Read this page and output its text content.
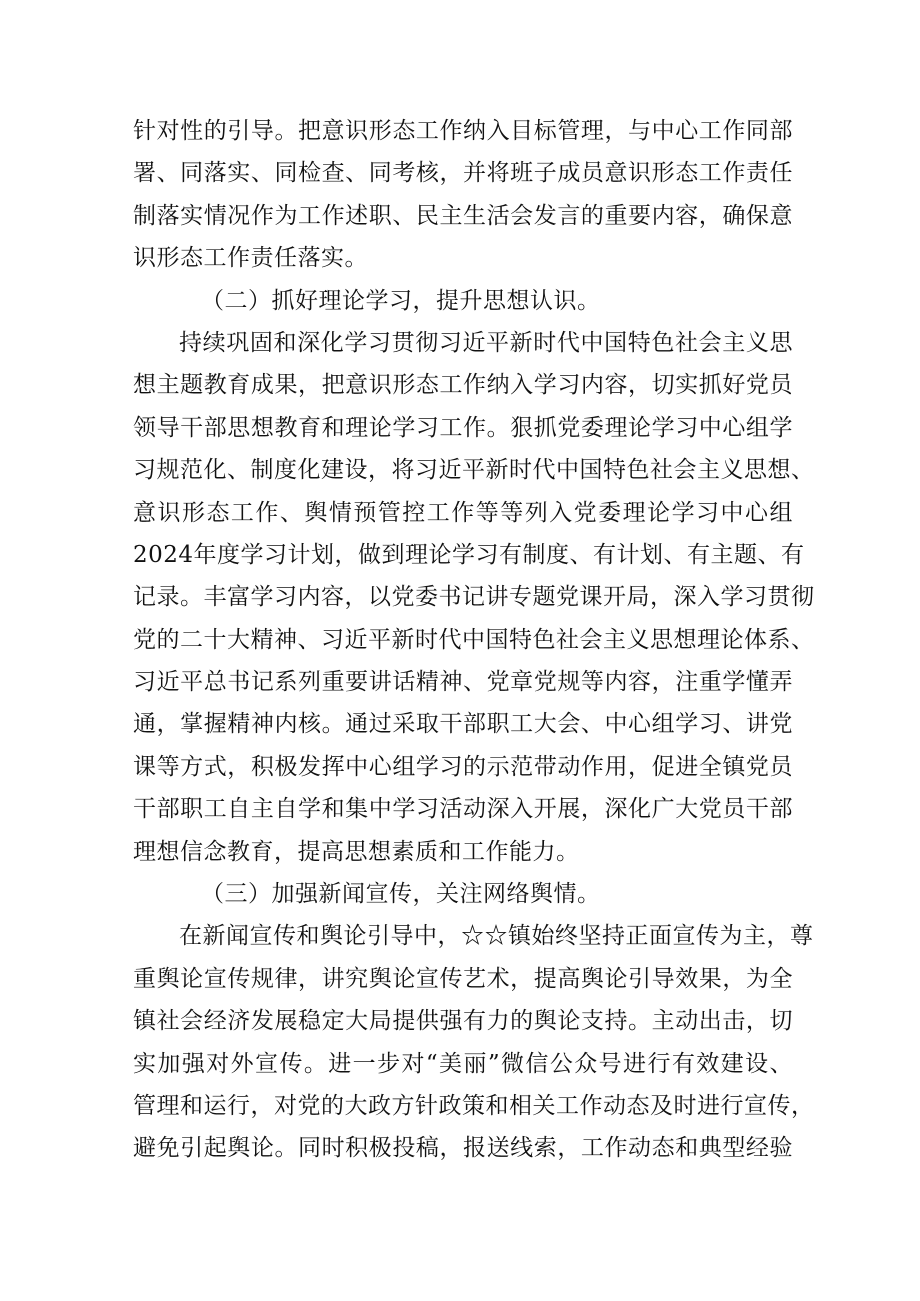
针对性的引导。把意识形态工作纳入目标管理，与中心工作同部
署、同落实、同检查、同考核，并将班子成员意识形态工作责任
制落实情况作为工作述职、民主生活会发言的重要内容，确保意
识形态工作责任落实。
（二）抓好理论学习，提升思想认识。
持续巩固和深化学习贯彻习近平新时代中国特色社会主义思
想主题教育成果，把意识形态工作纳入学习内容，切实抓好党员
领导干部思想教育和理论学习工作。狠抓党委理论学习中心组学
习规范化、制度化建设，将习近平新时代中国特色社会主义思想、
意识形态工作、舆情预管控工作等等列入党委理论学习中心组
2024年度学习计划，做到理论学习有制度、有计划、有主题、有
记录。丰富学习内容，以党委书记讲专题党课开局，深入学习贯彻
党的二十大精神、习近平新时代中国特色社会主义思想理论体系、
习近平总书记系列重要讲话精神、党章党规等内容，注重学懂弄
通，掌握精神内核。通过采取干部职工大会、中心组学习、讲党
课等方式，积极发挥中心组学习的示范带动作用，促进全镇党员
干部职工自主自学和集中学习活动深入开展，深化广大党员干部
理想信念教育，提高思想素质和工作能力。
（三）加强新闻宣传，关注网络舆情。
在新闻宣传和舆论引导中，☆☆镇始终坚持正面宣传为主，尊
重舆论宣传规律，讲究舆论宣传艺术，提高舆论引导效果，为全
镇社会经济发展稳定大局提供强有力的舆论支持。主动出击，切
实加强对外宣传。进一步对“美丽”微信公众号进行有效建设、
管理和运行，对党的大政方针政策和相关工作动态及时进行宣传，
避免引起舆论。同时积极投稿，报送线索，工作动态和典型经验
